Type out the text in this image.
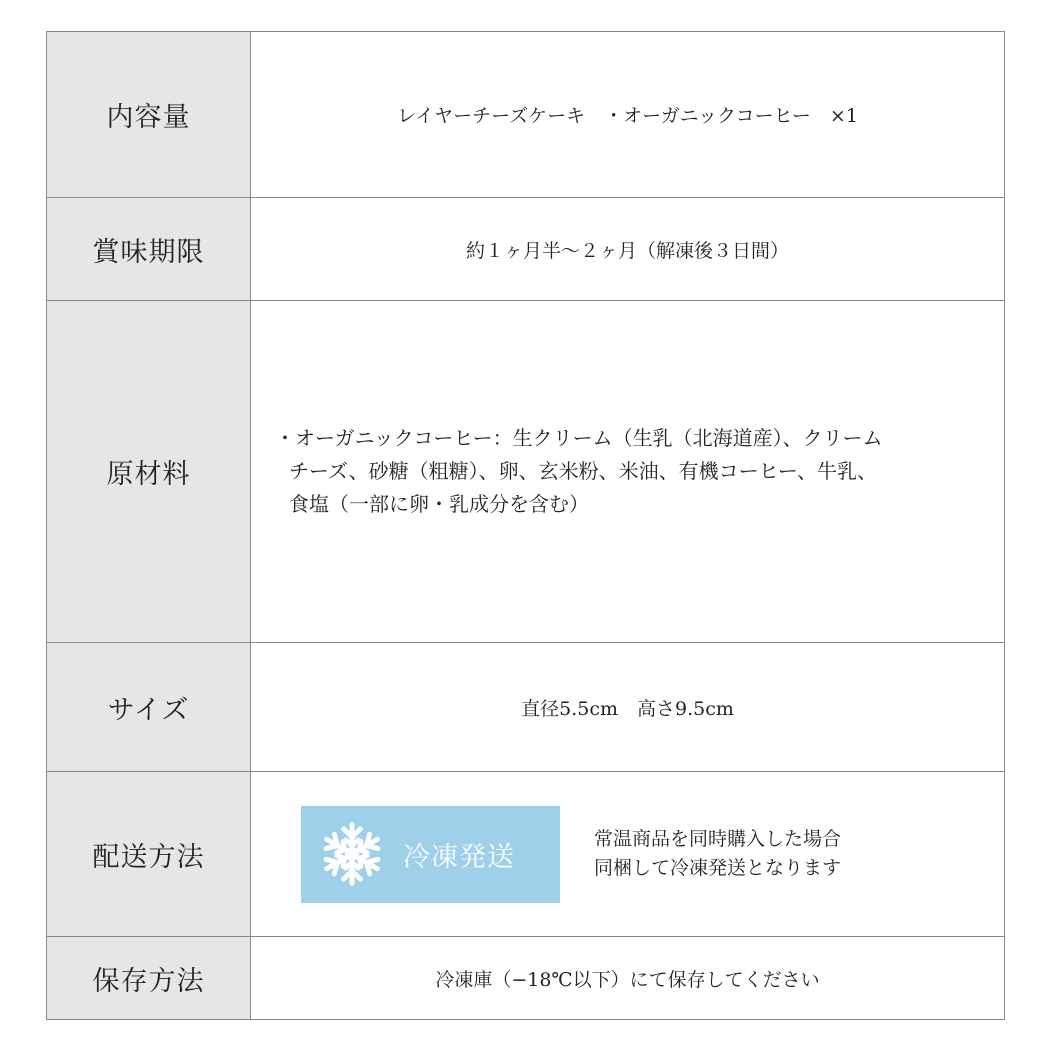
内容量	レイヤーチーズケーキ　・オーガニックコーヒー　×1
賞味期限	約１ヶ月半〜２ヶ月（解凍後３日間）
原材料	・オーガニックコーヒー：生クリーム（生乳（北海道産）、クリーム
チーズ、砂糖（粗糖）、卵、玄米粉、米油、有機コーヒー、牛乳、
食塩（一部に卵・乳成分を含む）

サイズ	直径5.5cm　高さ9.5cm
配送方法	冷凍発送
常温商品を同時購入した場合
同梱して冷凍発送となります

保存方法	冷凍庫（−18℃以下）にて保存してください
